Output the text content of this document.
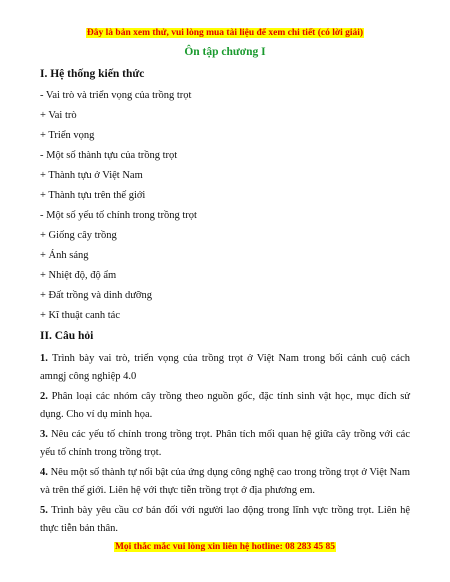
Đây là bản xem thử, vui lòng mua tài liệu để xem chi tiết (có lời giải)
Ôn tập chương I
I. Hệ thống kiến thức
- Vai trò và triển vọng của trồng trọt
+ Vai trò
+ Triển vọng
- Một số thành tựu của trồng trọt
+ Thành tựu ở Việt Nam
+ Thành tựu trên thế giới
- Một số yếu tố chính trong trồng trọt
+ Giống cây trồng
+ Ánh sáng
+ Nhiệt độ, độ ẩm
+ Đất trồng và dinh dưỡng
+ Kĩ thuật canh tác
II. Câu hỏi
1. Trình bày vai trò, triển vọng của trồng trọt ở Việt Nam trong bối cảnh cuộ cách amngj công nghiệp 4.0
2. Phân loại các nhóm cây trồng theo nguồn gốc, đặc tính sinh vật học, mục đích sử dụng. Cho ví dụ minh họa.
3. Nêu các yếu tố chính trong trồng trọt. Phân tích mối quan hệ giữa cây trồng với các yếu tố chính trong trồng trọt.
4. Nêu một số thành tự nổi bật của ứng dụng công nghệ cao trong trồng trọt ở Việt Nam và trên thế giới. Liên hệ với thực tiễn trồng trọt ở địa phương em.
5. Trình bày yêu cầu cơ bản đối với người lao động trong lĩnh vực trồng trọt. Liên hệ thực tiễn bản thân.
Mọi thắc mắc vui lòng xin liên hệ hotline: 08 283 45 85
